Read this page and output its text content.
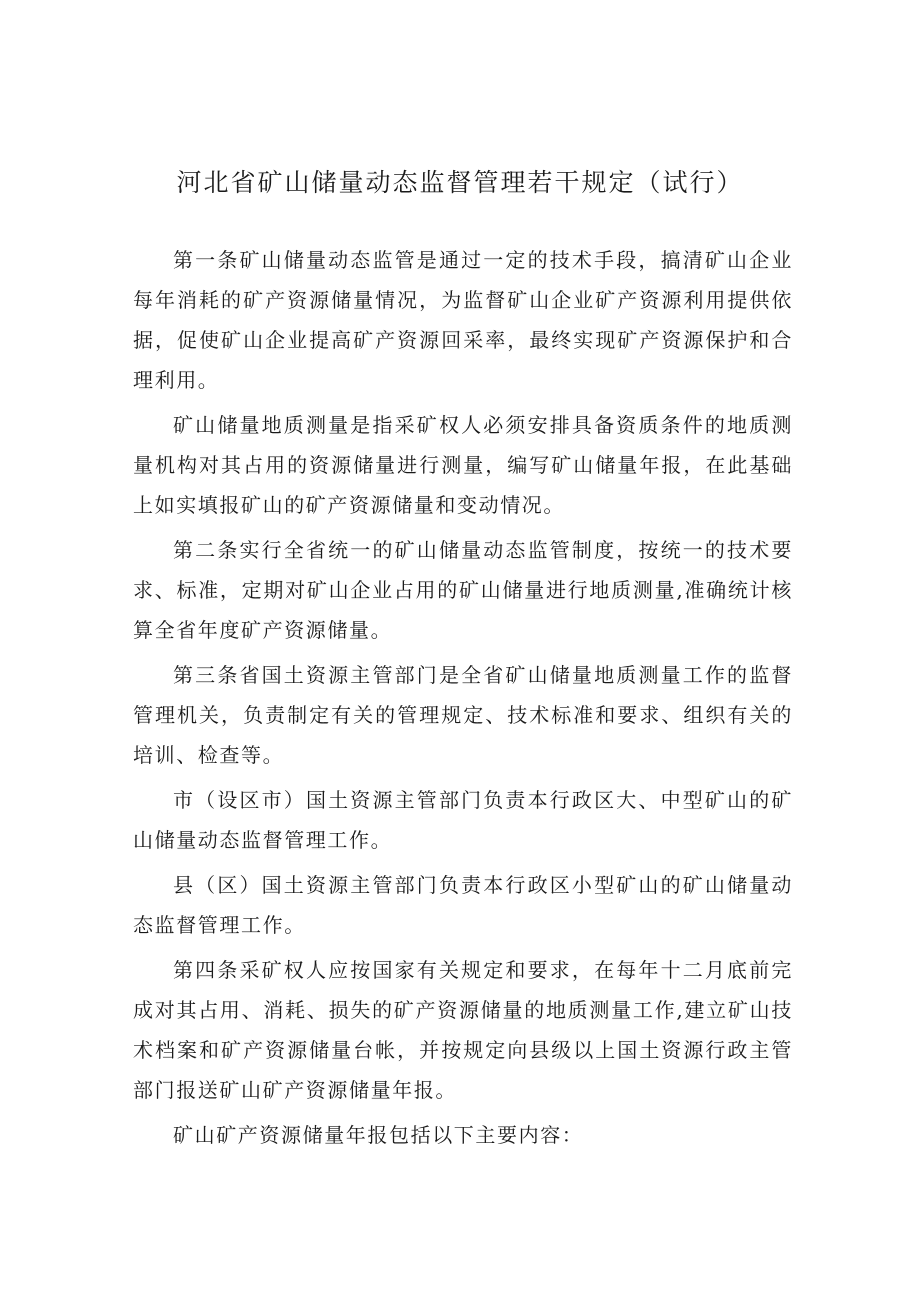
河北省矿山储量动态监督管理若干规定（试行）

第一条矿山储量动态监管是通过一定的技术手段，搞清矿山企业每年消耗的矿产资源储量情况，为监督矿山企业矿产资源利用提供依据，促使矿山企业提高矿产资源回采率，最终实现矿产资源保护和合理利用。

矿山储量地质测量是指采矿权人必须安排具备资质条件的地质测量机构对其占用的资源储量进行测量，编写矿山储量年报，在此基础上如实填报矿山的矿产资源储量和变动情况。

第二条实行全省统一的矿山储量动态监管制度，按统一的技术要求、标准，定期对矿山企业占用的矿山储量进行地质测量,准确统计核算全省年度矿产资源储量。

第三条省国土资源主管部门是全省矿山储量地质测量工作的监督管理机关，负责制定有关的管理规定、技术标准和要求、组织有关的培训、检查等。

市（设区市）国土资源主管部门负责本行政区大、中型矿山的矿山储量动态监督管理工作。

县（区）国土资源主管部门负责本行政区小型矿山的矿山储量动态监督管理工作。

第四条采矿权人应按国家有关规定和要求，在每年十二月底前完成对其占用、消耗、损失的矿产资源储量的地质测量工作,建立矿山技术档案和矿产资源储量台帐，并按规定向县级以上国土资源行政主管部门报送矿山矿产资源储量年报。

矿山矿产资源储量年报包括以下主要内容：
